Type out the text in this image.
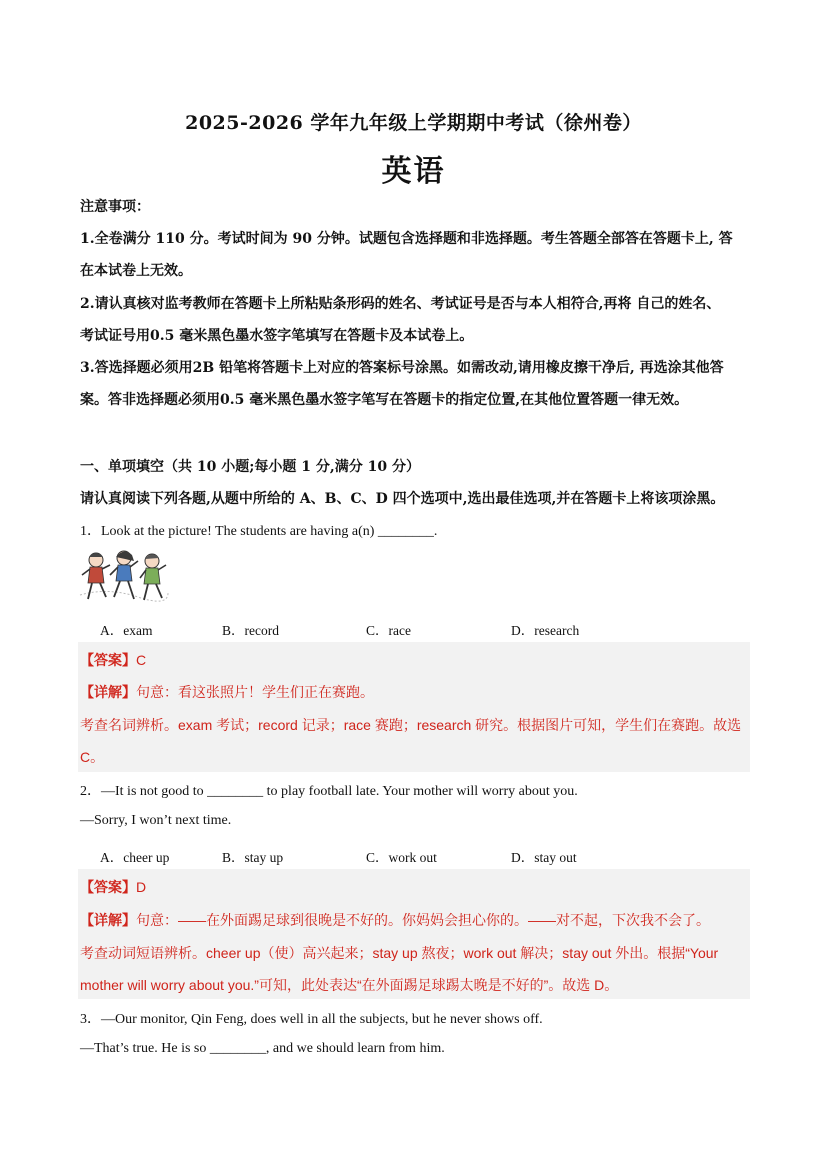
2025-2026 学年九年级上学期期中考试（徐州卷）
英语
注意事项：
1.全卷满分 110 分。考试时间为 90 分钟。试题包含选择题和非选择题。考生答题全部答在答题卡上, 答
在本试卷上无效。
2.请认真核对监考教师在答题卡上所粘贴条形码的姓名、考试证号是否与本人相符合,再将 自己的姓名、
考试证号用0.5 毫米黑色墨水签字笔填写在答题卡及本试卷上。
3.答选择题必须用2B 铅笔将答题卡上对应的答案标号涂黑。如需改动,请用橡皮擦干净后, 再选涂其他答
案。答非选择题必须用0.5 毫米黑色墨水签字笔写在答题卡的指定位置,在其他位置答题一律无效。
一、单项填空（共 10 小题;每小题 1 分,满分 10 分）
请认真阅读下列各题,从题中所给的 A、B、C、D 四个选项中,选出最佳选项,并在答题卡上将该项涂黑。
1．Look at the picture! The students are having a(n) ________.
A．exam	B．record	C．race	D．research
【答案】C
【详解】句意：看这张照片！学生们正在赛跑。
考查名词辨析。exam 考试；record 记录；race 赛跑；research 研究。根据图片可知，学生们在赛跑。故选
C。
2．—It is not good to ________ to play football late. Your mother will worry about you.
—Sorry, I won’t next time.
A．cheer up	B．stay up	C．work out	D．stay out
【答案】D
【详解】句意：——在外面踢足球到很晚是不好的。你妈妈会担心你的。——对不起，下次我不会了。
考查动词短语辨析。cheer up（使）高兴起来；stay up 熬夜；work out 解决；stay out 外出。根据“Your
mother will worry about you.”可知，此处表达“在外面踢足球踢太晚是不好的”。故选 D。
3．—Our monitor, Qin Feng, does well in all the subjects, but he never shows off.
—That’s true. He is so ________, and we should learn from him.
